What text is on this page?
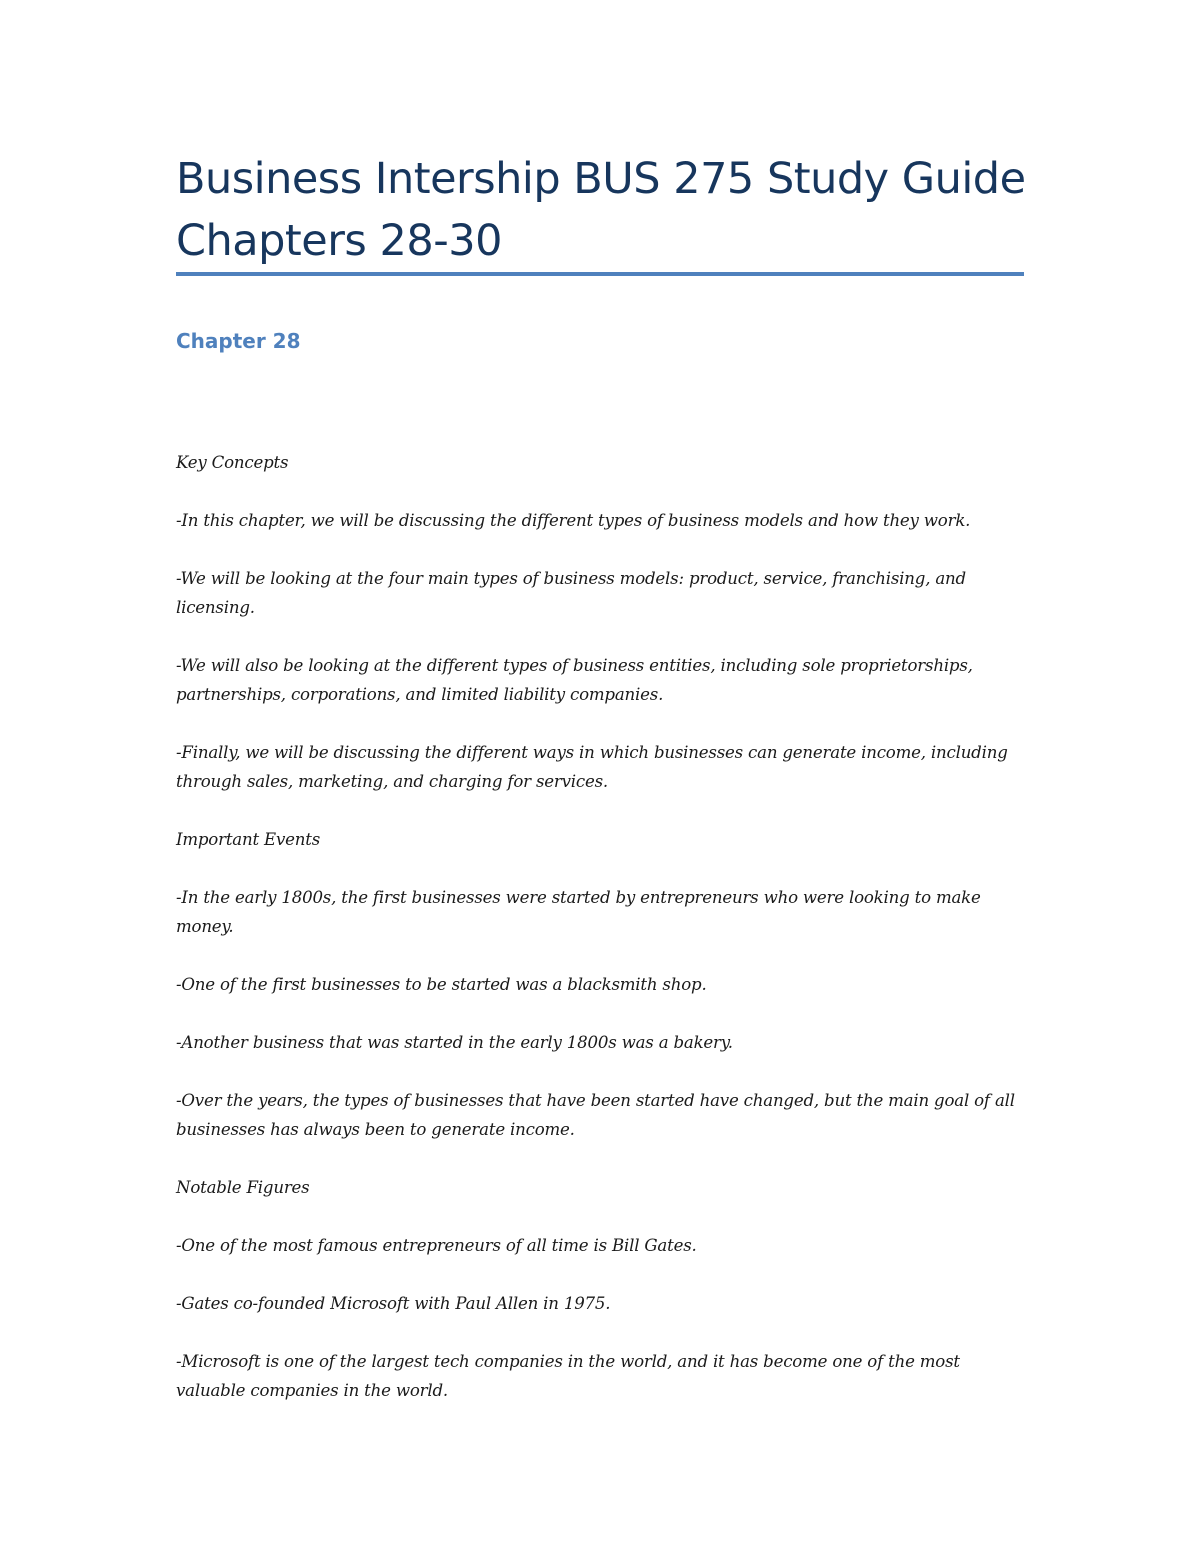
Business Intership BUS 275 Study Guide Chapters 28-30
Chapter 28

Key Concepts

-In this chapter, we will be discussing the different types of business models and how they work.

-We will be looking at the four main types of business models: product, service, franchising, and licensing.

-We will also be looking at the different types of business entities, including sole proprietorships, partnerships, corporations, and limited liability companies.

-Finally, we will be discussing the different ways in which businesses can generate income, including through sales, marketing, and charging for services.

Important Events

-In the early 1800s, the first businesses were started by entrepreneurs who were looking to make money.

-One of the first businesses to be started was a blacksmith shop.

-Another business that was started in the early 1800s was a bakery.

-Over the years, the types of businesses that have been started have changed, but the main goal of all businesses has always been to generate income.

Notable Figures

-One of the most famous entrepreneurs of all time is Bill Gates.

-Gates co-founded Microsoft with Paul Allen in 1975.

-Microsoft is one of the largest tech companies in the world, and it has become one of the most valuable companies in the world.
